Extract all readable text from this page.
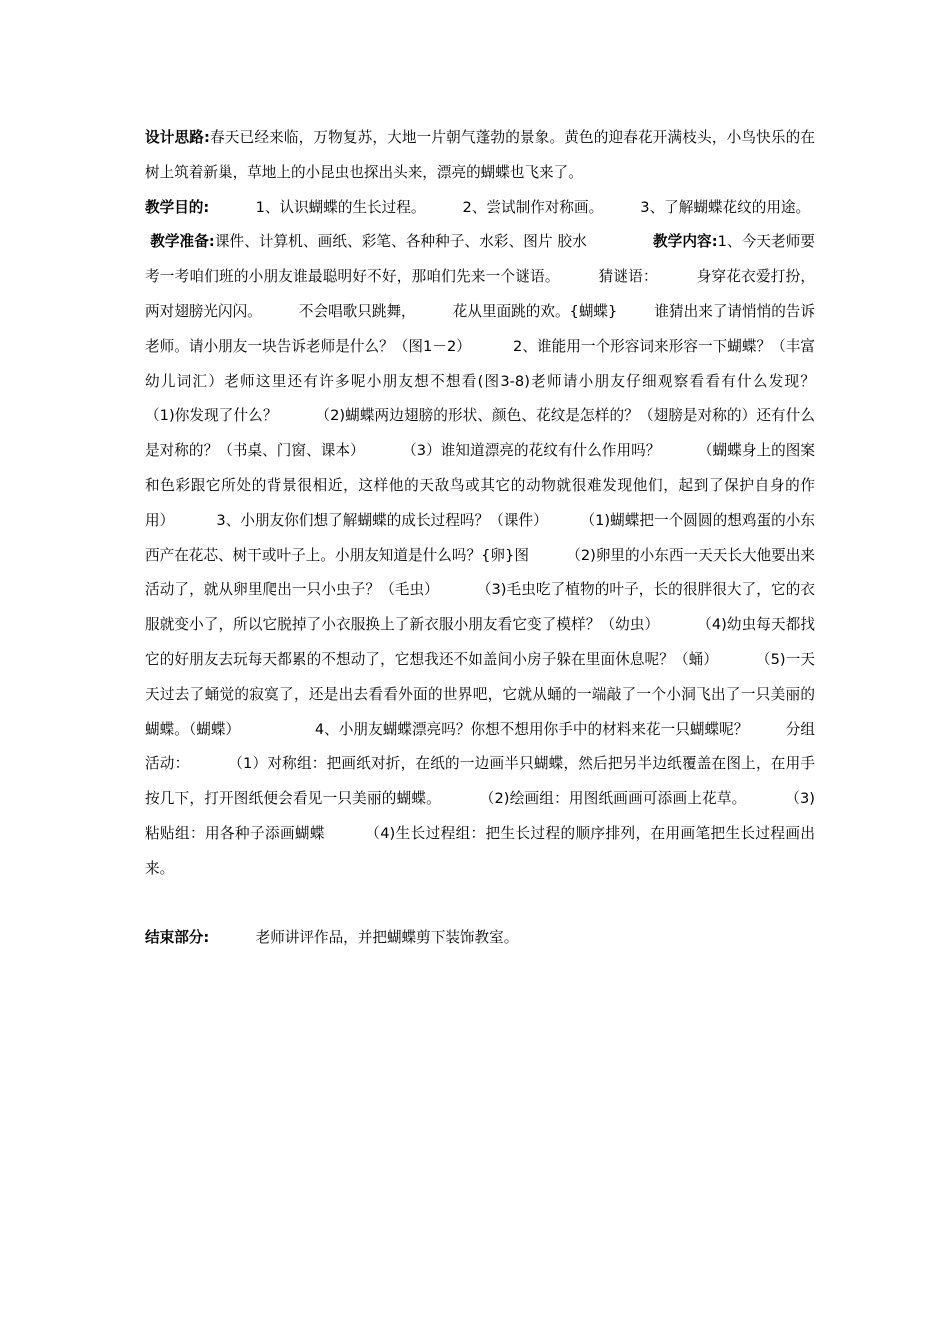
设计思路:春天已经来临，万物复苏，大地一片朝气蓬勃的景象。黄色的迎春花开满枝头，小鸟快乐的在树上筑着新巢，草地上的小昆虫也探出头来，漂亮的蝴蝶也飞来了。

教学目的:          1、认识蝴蝶的生长过程。        2、尝试制作对称画。        3、了解蝴蝶花纹的用途。

教学准备:课件、计算机、画纸、彩笔、各种种子、水彩、图片 胶水              教学内容:1、今天老师要考一考咱们班的小朋友谁最聪明好不好，那咱们先来一个谜语。        猜谜语：        身穿花衣爱打扮，        两对翅膀光闪闪。        不会唱歌只跳舞，        花从里面跳的欢。{蝴蝶}        谁猜出来了请悄悄的告诉老师。请小朋友一块告诉老师是什么？（图1－2）         2、谁能用一个形容词来形容一下蝴蝶？（丰富幼儿词汇）老师这里还有许多呢小朋友想不想看(图3-8)老师请小朋友仔细观察看看有什么发现？        （1)你发现了什么？        （2)蝴蝶两边翅膀的形状、颜色、花纹是怎样的？（翅膀是对称的）还有什么是对称的？（书桌、门窗、课本）        （3）谁知道漂亮的花纹有什么作用吗？        （蝴蝶身上的图案和色彩跟它所处的背景很相近，这样他的天敌鸟或其它的动物就很难发现他们，起到了保护自身的作用）         3、小朋友你们想了解蝴蝶的成长过程吗？（课件）       （1)蝴蝶把一个圆圆的想鸡蛋的小东西产在花芯、树干或叶子上。小朋友知道是什么吗？{卵}图        （2)卵里的小东西一天天长大他要出来活动了，就从卵里爬出一只小虫子？（毛虫）        （3)毛虫吃了植物的叶子，长的很胖很大了，它的衣服就变小了，所以它脱掉了小衣服换上了新衣服小朋友看它变了模样？（幼虫）        （4)幼虫每天都找它的好朋友去玩每天都累的不想动了，它想我还不如盖间小房子躲在里面休息呢？（蛹）        （5)一天天过去了蛹觉的寂寞了，还是出去看看外面的世界吧，它就从蛹的一端敲了一个小洞飞出了一只美丽的蝴蝶。（蝴蝶）                4、小朋友蝴蝶漂亮吗？你想不想用你手中的材料来花一只蝴蝶呢？        分组活动：        （1）对称组：把画纸对折，在纸的一边画半只蝴蝶，然后把另半边纸覆盖在图上，在用手按几下，打开图纸便会看见一只美丽的蝴蝶。        （2)绘画组：用图纸画画可添画上花草。        （3)粘贴组：用各种子添画蝴蝶        （4)生长过程组：把生长过程的顺序排列，在用画笔把生长过程画出来。

结束部分:          老师讲评作品，并把蝴蝶剪下装饰教室。
